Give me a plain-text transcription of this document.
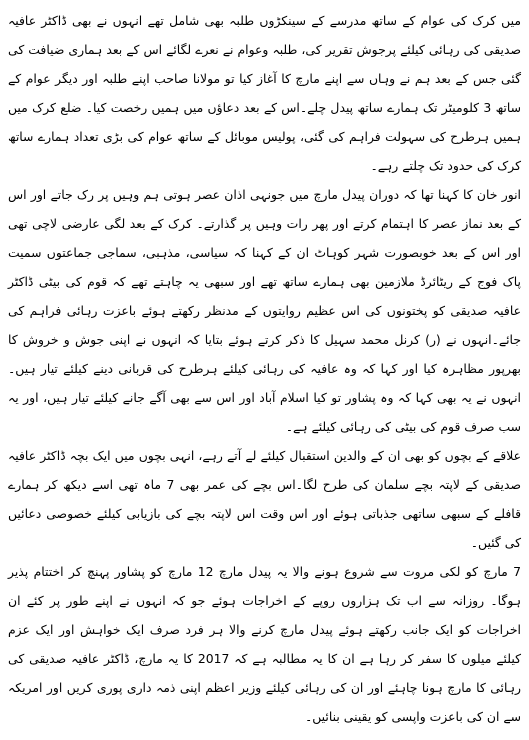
میں کرک کی عوام کے ساتھ مدرسے کے سینکڑوں طلبہ بھی شامل تھے انہوں نے بھی ڈاکٹر عافیہ صدیقی کی رہائی کیلئے پرجوش تقریر کی، طلبہ وعوام نے نعرے لگائے اس کے بعد ہماری ضیافت کی گئی جس کے بعد ہم نے وہاں سے اپنے مارچ کا آغاز کیا تو مولانا صاحب اپنے طلبہ اور دیگر عوام کے ساتھ 3 کلومیٹر تک ہمارے ساتھ پیدل چلے۔اس کے بعد دعاؤں میں ہمیں رخصت کیا۔ ضلع کرک میں ہمیں ہرطرح کی سہولت فراہم کی گئی، پولیس موبائل کے ساتھ عوام کی بڑی تعداد ہمارے ساتھ کرک کی حدود تک چلتے رہے۔

انور خان کا کہنا تھا کہ دوران پیدل مارچ میں جونہی اذان عصر ہوتی ہم وہیں پر رک جاتے اور اس کے بعد نماز عصر کا اہتمام کرتے اور پھر رات وہیں پر گذارتے۔ کرک کے بعد لگی عارضی لاچی تھی اور اس کے بعد خوبصورت شہر کوہاٹ ان کے کہنا کہ سیاسی، مذہبی، سماجی جماعتوں سمیت پاک فوج کے ریٹائرڈ ملازمین بھی ہمارے ساتھ تھے اور سبھی یہ چاہتے تھے کہ قوم کی بیٹی ڈاکٹر عافیہ صدیقی کو پختونوں کی اس عظیم روایتوں کے مدنظر رکھتے ہوئے باعزت رہائی فراہم کی جائے۔انہوں نے (ر) کرنل محمد سہیل کا ذکر کرتے ہوئے بتایا کہ انہوں نے اپنی جوش و خروش کا بھرپور مظاہرہ کیا اور کہا کہ وہ عافیہ کی رہائی کیلئے ہرطرح کی قربانی دینے کیلئے تیار ہیں۔انہوں نے یہ بھی کہا کہ وہ پشاور تو کیا اسلام آباد اور اس سے بھی آگے جانے کیلئے تیار ہیں، اور یہ سب صرف قوم کی بیٹی کی رہائی کیلئے ہے۔

علاقے کے بچوں کو بھی ان کے والدین استقبال کیلئے لے آتے رہے، انہی بچوں میں ایک بچہ ڈاکٹر عافیہ صدیقی کے لاپتہ بچے سلمان کی طرح لگا۔اس بچے کی عمر بھی 7 ماہ تھی اسے دیکھ کر ہمارے قافلے کے سبھی ساتھی جذباتی ہوئے اور اس وقت اس لاپتہ بچے کی بازیابی کیلئے خصوصی دعائیں کی گئیں۔

7 مارچ کو لکی مروت سے شروع ہونے والا یہ پیدل مارچ 12 مارچ کو پشاور پہنچ کر اختتام پذیر ہوگا۔ روزانہ سے اب تک ہزاروں روپے کے اخراجات ہوئے جو کہ انہوں نے اپنے طور پر کئے ان اخراجات کو ایک جانب رکھتے ہوئے پیدل مارچ کرنے والا ہر فرد صرف ایک خواہش اور ایک عزم کیلئے میلوں کا سفر کر رہا ہے ان کا یہ مطالبہ ہے کہ 2017 کا یہ مارچ، ڈاکٹر عافیہ صدیقی کی رہائی کا مارچ ہونا چاہئے اور ان کی رہائی کیلئے وزیر اعظم اپنی ذمہ داری پوری کریں اور امریکہ سے ان کی باعزت واپسی کو یقینی بنائیں۔
